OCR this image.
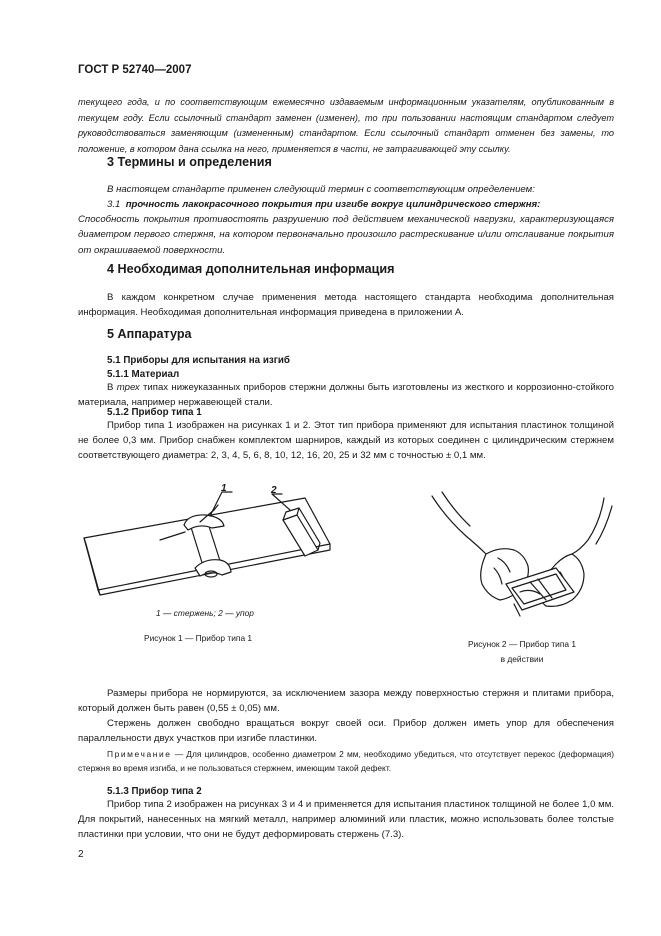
ГОСТ Р 52740—2007
текущего года, и по соответствующим ежемесячно издаваемым информационным указателям, опубликованным в текущем году. Если ссылочный стандарт заменен (изменен), то при пользовании настоящим стандартом следует руководствоваться заменяющим (измененным) стандартом. Если ссылочный стандарт отменен без замены, то положение, в котором дана ссылка на него, применяется в части, не затрагивающей эту ссылку.
3 Термины и определения
В настоящем стандарте применен следующий термин с соответствующим определением:
3.1 прочность лакокрасочного покрытия при изгибе вокруг цилиндрического стержня:
Способность покрытия противостоять разрушению под действием механической нагрузки, характеризующаяся диаметром первого стержня, на котором первоначально произошло растрескивание и/или отслаивание покрытия от окрашиваемой поверхности.
4 Необходимая дополнительная информация
В каждом конкретном случае применения метода настоящего стандарта необходима дополнительная информация. Необходимая дополнительная информация приведена в приложении А.
5 Аппаратура
5.1 Приборы для испытания на изгиб
5.1.1 Материал
В трех типах нижеуказанных приборов стержни должны быть изготовлены из жесткого и коррозионно-стойкого материала, например нержавеющей стали.
5.1.2 Прибор типа 1
Прибор типа 1 изображен на рисунках 1 и 2. Этот тип прибора применяют для испытания пластинок толщиной не более 0,3 мм. Прибор снабжен комплектом шарниров, каждый из которых соединен с цилиндрическим стержнем соответствующего диаметра: 2, 3, 4, 5, 6, 8, 10, 12, 16, 20, 25 и 32 мм с точностью ± 0,1 мм.
1	2
1 — стержень; 2 — упор
Рисунок 1 — Прибор типа 1
Рисунок 2 — Прибор типа 1
в действии
Размеры прибора не нормируются, за исключением зазора между поверхностью стержня и плитами прибора, который должен быть равен (0,55 ± 0,05) мм.
Стержень должен свободно вращаться вокруг своей оси. Прибор должен иметь упор для обеспечения параллельности двух участков при изгибе пластинки.
Примечание — Для цилиндров, особенно диаметром 2 мм, необходимо убедиться, что отсутствует перекос (деформация) стержня во время изгиба, и не пользоваться стержнем, имеющим такой дефект.
5.1.3 Прибор типа 2
Прибор типа 2 изображен на рисунках 3 и 4 и применяется для испытания пластинок толщиной не более 1,0 мм. Для покрытий, нанесенных на мягкий металл, например алюминий или пластик, можно использовать более толстые пластинки при условии, что они не будут деформировать стержень (7.3).
2
